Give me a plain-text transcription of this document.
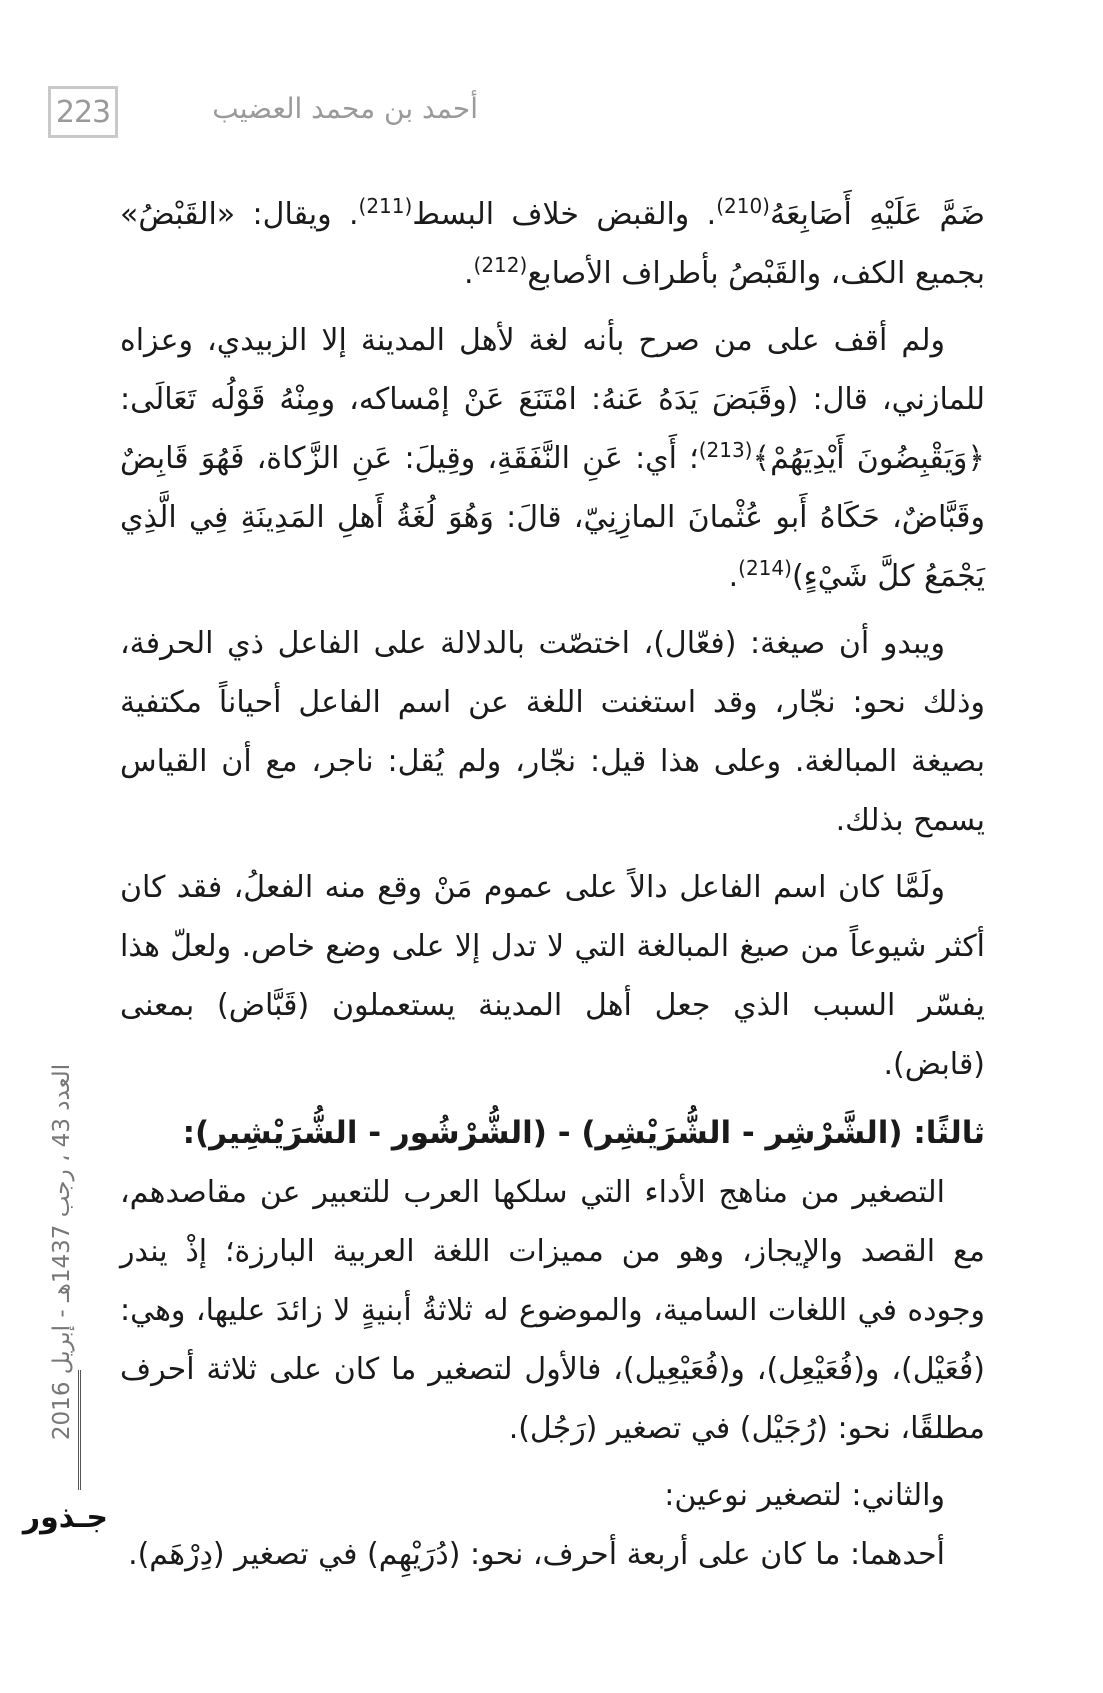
223	أحمد بن محمد العضيب

ضَمَّ عَلَيْهِ أَصَابِعَهُ$^{(210)}$. والقبض خلاف البسط$^{(211)}$. ويقال: «القَبْضُ» بجميع الكف، والقَبْصُ بأطراف الأصابع$^{(212)}$.

ولم أقف على من صرح بأنه لغة لأهل المدينة إلا الزبيدي، وعزاه للمازني، قال: (وقَبَضَ يَدَهُ عَنهُ: امْتَنَعَ عَنْ إمْساكه، ومِنْهُ قَوْلُه تَعَالَى: ﴿وَيَقْبِضُونَ أَيْدِيَهُمْ﴾$^{(213)}$؛ أَي: عَنِ النَّفَقَةِ، وقِيلَ: عَنِ الزَّكاة، فَهُوَ قَابِضٌ وقَبَّاضٌ، حَكَاهُ أَبو عُثْمانَ المازِنِيّ، قالَ: وَهُوَ لُغَةُ أَهلِ المَدِينَةِ فِي الَّذِي يَجْمَعُ كلَّ شَيْءٍ)$^{(214)}$.

ويبدو أن صيغة: (فعّال)، اختصّت بالدلالة على الفاعل ذي الحرفة، وذلك نحو: نجّار، وقد استغنت اللغة عن اسم الفاعل أحياناً مكتفية بصيغة المبالغة. وعلى هذا قيل: نجّار، ولم يُقل: ناجر، مع أن القياس يسمح بذلك.

ولَمَّا كان اسم الفاعل دالاً على عموم مَنْ وقع منه الفعلُ، فقد كان أكثر شيوعاً من صيغ المبالغة التي لا تدل إلا على وضع خاص. ولعلّ هذا يفسّر السبب الذي جعل أهل المدينة يستعملون (قَبَّاض) بمعنى (قابض).

ثالثًا: (الشَّرْشِر - الشُّرَيْشِر) - (الشُّرْشُور - الشُّرَيْشِير):

التصغير من مناهج الأداء التي سلكها العرب للتعبير عن مقاصدهم، مع القصد والإيجاز، وهو من مميزات اللغة العربية البارزة؛ إذْ يندر وجوده في اللغات السامية، والموضوع له ثلاثةُ أبنيةٍ لا زائدَ عليها، وهي: (فُعَيْل)، و(فُعَيْعِل)، و(فُعَيْعِيل)، فالأول لتصغير ما كان على ثلاثة أحرف مطلقًا، نحو: (رُجَيْل) في تصغير (رَجُل).

والثاني: لتصغير نوعين:

أحدهما: ما كان على أربعة أحرف، نحو: (دُرَيْهِم) في تصغير (دِرْهَم).

العدد 43 ، رجب 1437هـ - إبريل 2016
جـذور
